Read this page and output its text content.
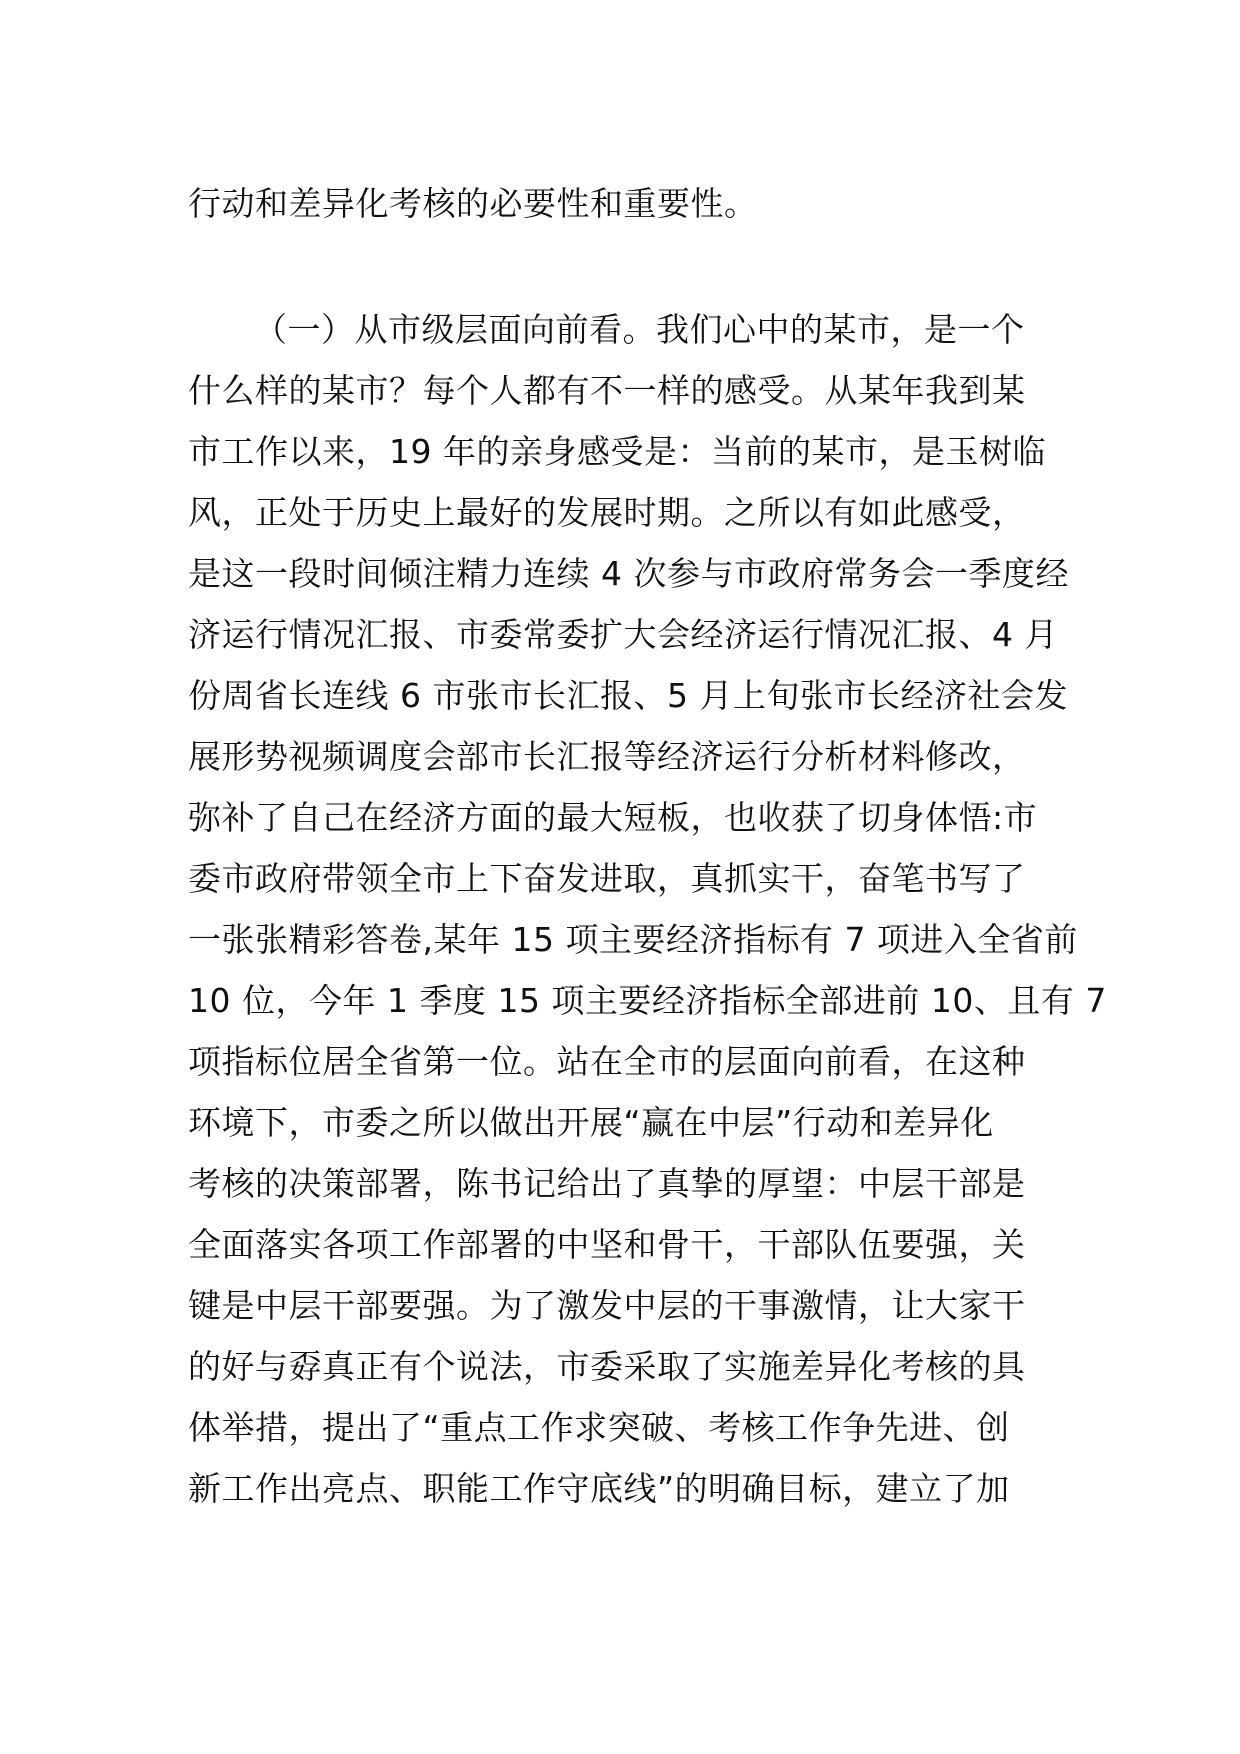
行动和差异化考核的必要性和重要性。
（一）从市级层面向前看。我们心中的某市，是一个
什么样的某市？每个人都有不一样的感受。从某年我到某
市工作以来，19 年的亲身感受是：当前的某市，是玉树临
风，正处于历史上最好的发展时期。之所以有如此感受，
是这一段时间倾注精力连续 4 次参与市政府常务会一季度经
济运行情况汇报、市委常委扩大会经济运行情况汇报、4 月
份周省长连线 6 市张市长汇报、5 月上旬张市长经济社会发
展形势视频调度会部市长汇报等经济运行分析材料修改，
弥补了自己在经济方面的最大短板，也收获了切身体悟:市
委市政府带领全市上下奋发进取，真抓实干，奋笔书写了
一张张精彩答卷,某年 15 项主要经济指标有 7 项进入全省前
10 位，今年 1 季度 15 项主要经济指标全部进前 10、且有 7
项指标位居全省第一位。站在全市的层面向前看，在这种
环境下，市委之所以做出开展“赢在中层”行动和差异化
考核的决策部署，陈书记给出了真挚的厚望：中层干部是
全面落实各项工作部署的中坚和骨干，干部队伍要强，关
键是中层干部要强。为了激发中层的干事激情，让大家干
的好与孬真正有个说法，市委采取了实施差异化考核的具
体举措，提出了“重点工作求突破、考核工作争先进、创
新工作出亮点、职能工作守底线”的明确目标，建立了加
